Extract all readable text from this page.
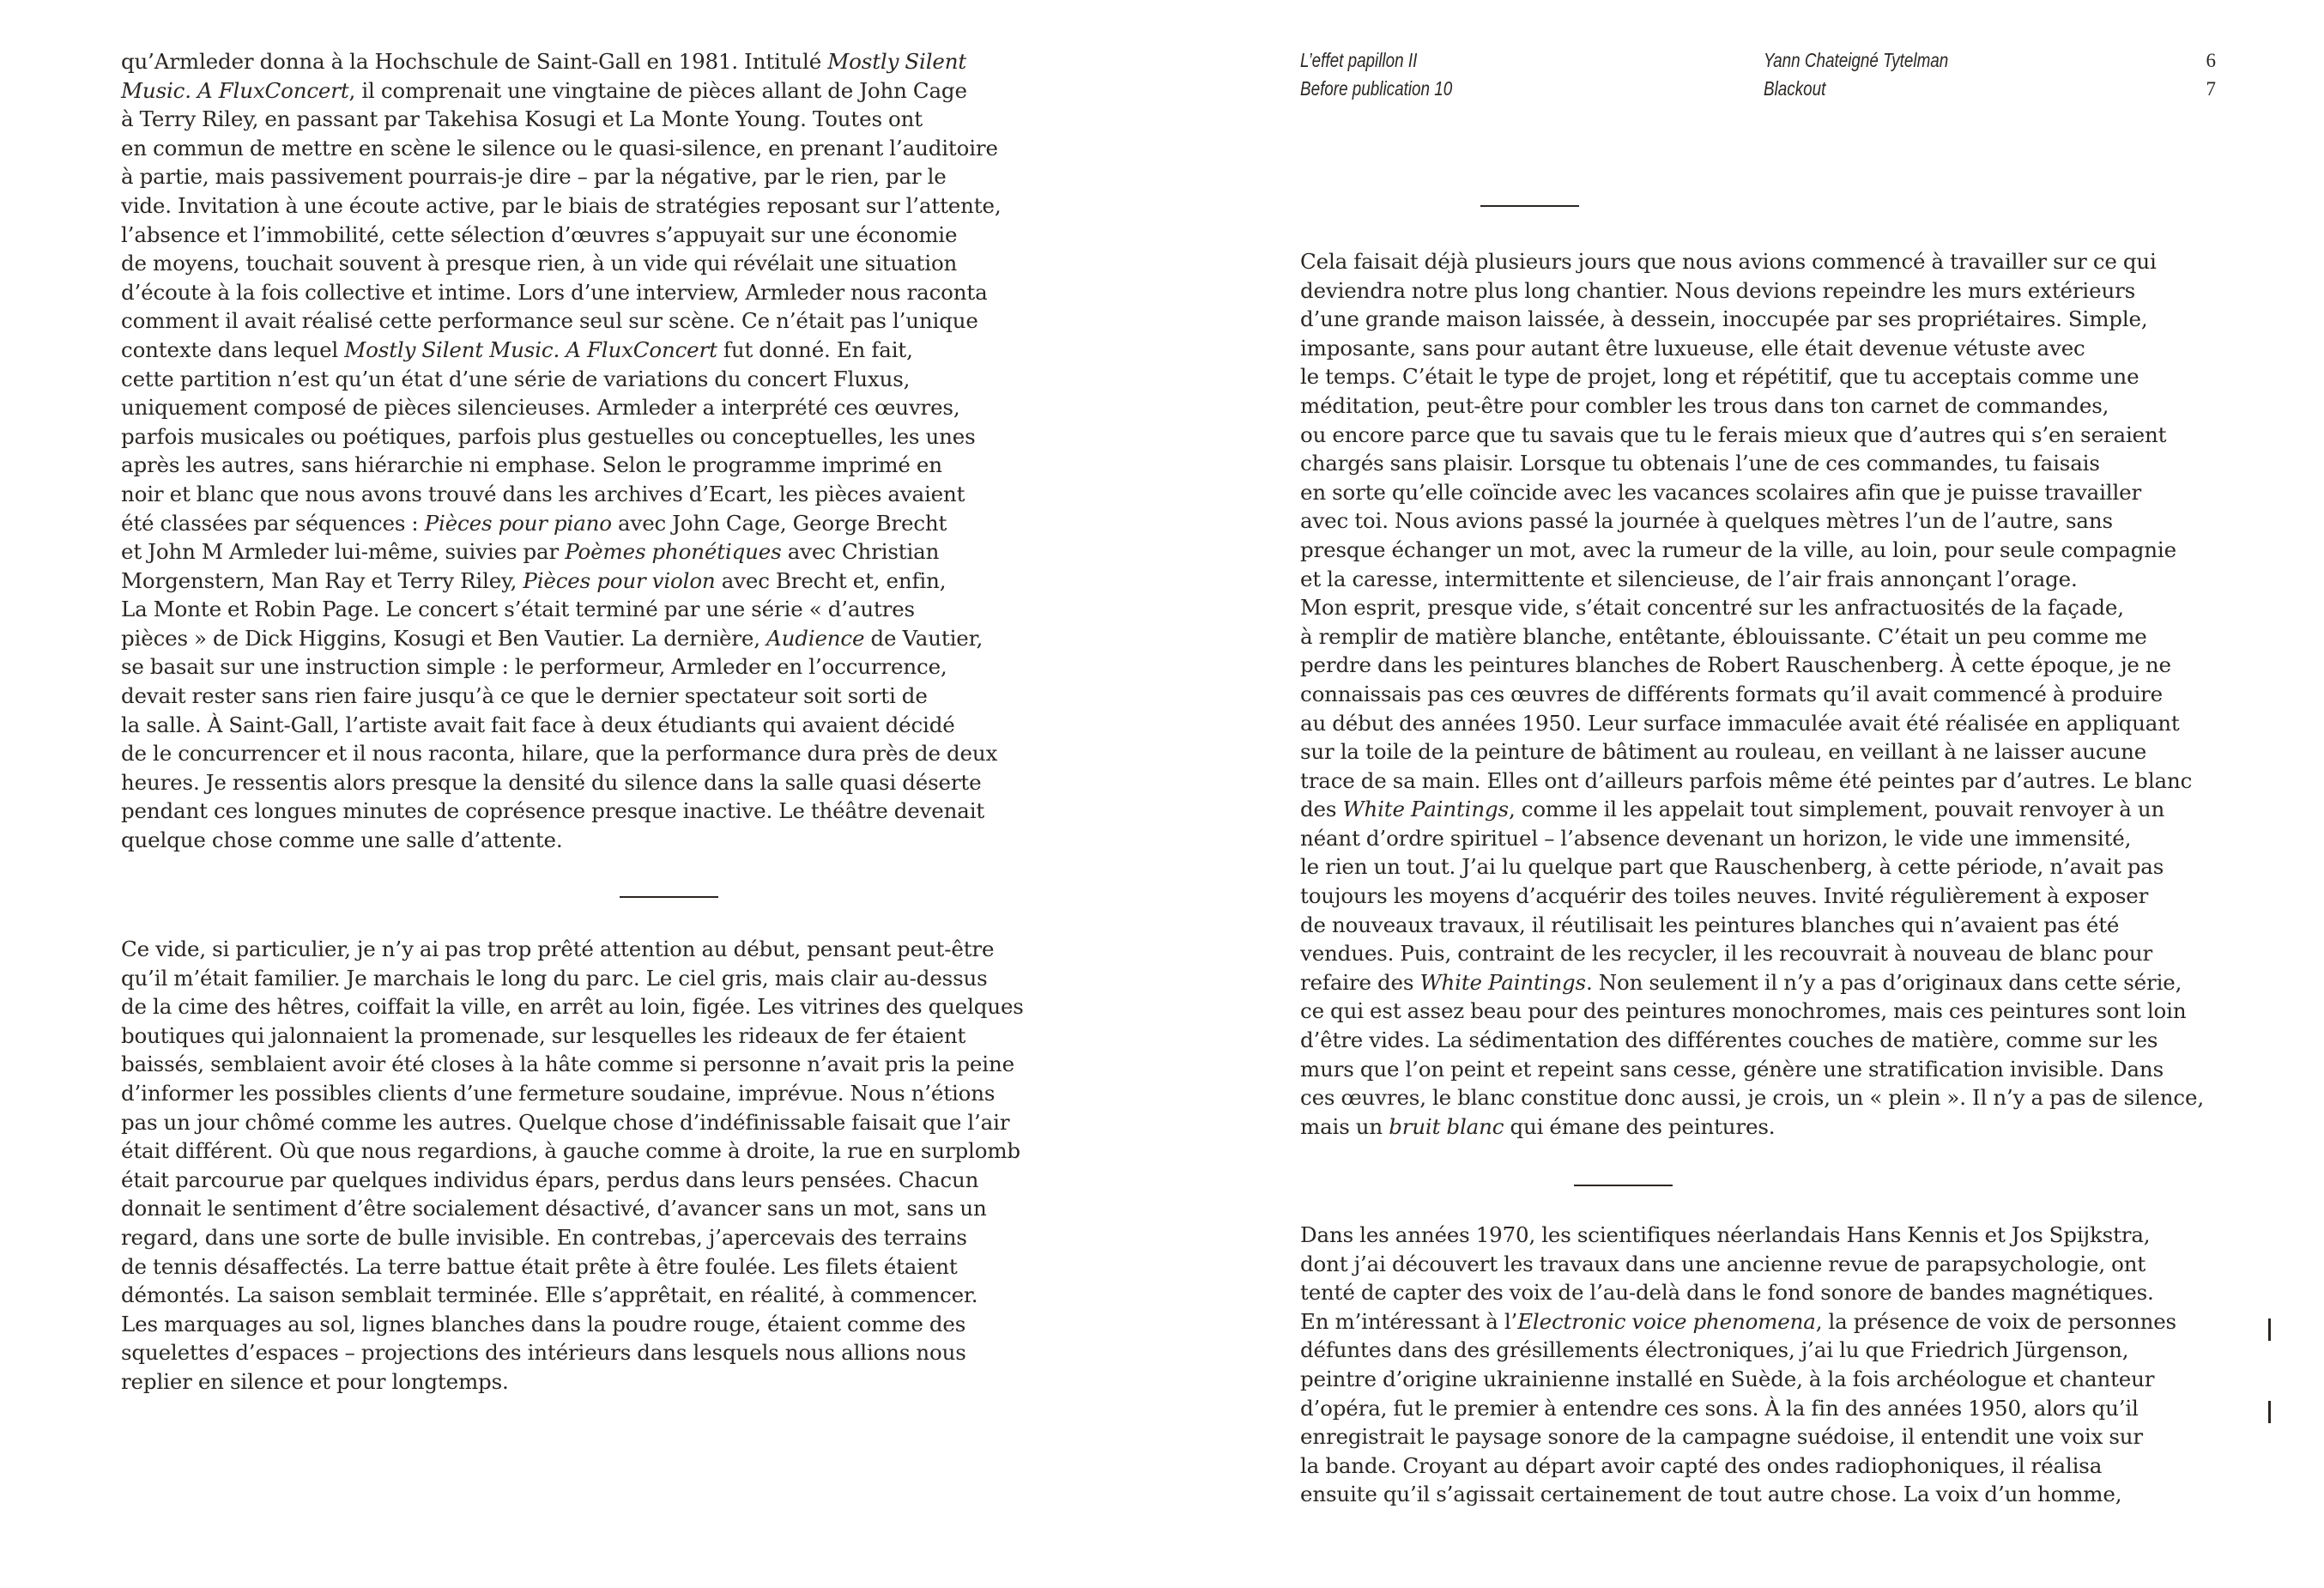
qu’Armleder donna à la Hochschule de Saint-Gall en 1981. Intitulé Mostly Silent
Music. A FluxConcert, il comprenait une vingtaine de pièces allant de John Cage
à Terry Riley, en passant par Takehisa Kosugi et La Monte Young. Toutes ont
en commun de mettre en scène le silence ou le quasi-silence, en prenant l’auditoire
à partie, mais passivement pourrais-je dire – par la négative, par le rien, par le
vide. Invitation à une écoute active, par le biais de stratégies reposant sur l’attente,
l’absence et l’immobilité, cette sélection d’œuvres s’appuyait sur une économie
de moyens, touchait souvent à presque rien, à un vide qui révélait une situation
d’écoute à la fois collective et intime. Lors d’une interview, Armleder nous raconta
comment il avait réalisé cette performance seul sur scène. Ce n’était pas l’unique
contexte dans lequel Mostly Silent Music. A FluxConcert fut donné. En fait,
cette partition n’est qu’un état d’une série de variations du concert Fluxus,
uniquement composé de pièces silencieuses. Armleder a interprété ces œuvres,
parfois musicales ou poétiques, parfois plus gestuelles ou conceptuelles, les unes
après les autres, sans hiérarchie ni emphase. Selon le programme imprimé en
noir et blanc que nous avons trouvé dans les archives d’Ecart, les pièces avaient
été classées par séquences : Pièces pour piano avec John Cage, George Brecht
et John M Armleder lui-même, suivies par Poèmes phonétiques avec Christian
Morgenstern, Man Ray et Terry Riley, Pièces pour violon avec Brecht et, enfin,
La Monte et Robin Page. Le concert s’était terminé par une série « d’autres
pièces » de Dick Higgins, Kosugi et Ben Vautier. La dernière, Audience de Vautier,
se basait sur une instruction simple : le performeur, Armleder en l’occurrence,
devait rester sans rien faire jusqu’à ce que le dernier spectateur soit sorti de
la salle. À Saint-Gall, l’artiste avait fait face à deux étudiants qui avaient décidé
de le concurrencer et il nous raconta, hilare, que la performance dura près de deux
heures. Je ressentis alors presque la densité du silence dans la salle quasi déserte
pendant ces longues minutes de coprésence presque inactive. Le théâtre devenait
quelque chose comme une salle d’attente.
Ce vide, si particulier, je n’y ai pas trop prêté attention au début, pensant peut-être
qu’il m’était familier. Je marchais le long du parc. Le ciel gris, mais clair au-dessus
de la cime des hêtres, coiffait la ville, en arrêt au loin, figée. Les vitrines des quelques
boutiques qui jalonnaient la promenade, sur lesquelles les rideaux de fer étaient
baissés, semblaient avoir été closes à la hâte comme si personne n’avait pris la peine
d’informer les possibles clients d’une fermeture soudaine, imprévue. Nous n’étions
pas un jour chômé comme les autres. Quelque chose d’indéfinissable faisait que l’air
était différent. Où que nous regardions, à gauche comme à droite, la rue en surplomb
était parcourue par quelques individus épars, perdus dans leurs pensées. Chacun
donnait le sentiment d’être socialement désactivé, d’avancer sans un mot, sans un
regard, dans une sorte de bulle invisible. En contrebas, j’apercevais des terrains
de tennis désaffectés. La terre battue était prête à être foulée. Les filets étaient
démontés. La saison semblait terminée. Elle s’apprêtait, en réalité, à commencer.
Les marquages au sol, lignes blanches dans la poudre rouge, étaient comme des
squelettes d’espaces – projections des intérieurs dans lesquels nous allions nous
replier en silence et pour longtemps.
L’effet papillon II
Before publication 10
Yann Chateigné Tytelman
Blackout
6
7
Cela faisait déjà plusieurs jours que nous avions commencé à travailler sur ce qui
deviendra notre plus long chantier. Nous devions repeindre les murs extérieurs
d’une grande maison laissée, à dessein, inoccupée par ses propriétaires. Simple,
imposante, sans pour autant être luxueuse, elle était devenue vétuste avec
le temps. C’était le type de projet, long et répétitif, que tu acceptais comme une
méditation, peut-être pour combler les trous dans ton carnet de commandes,
ou encore parce que tu savais que tu le ferais mieux que d’autres qui s’en seraient
chargés sans plaisir. Lorsque tu obtenais l’une de ces commandes, tu faisais
en sorte qu’elle coïncide avec les vacances scolaires afin que je puisse travailler
avec toi. Nous avions passé la journée à quelques mètres l’un de l’autre, sans
presque échanger un mot, avec la rumeur de la ville, au loin, pour seule compagnie
et la caresse, intermittente et silencieuse, de l’air frais annonçant l’orage.
Mon esprit, presque vide, s’était concentré sur les anfractuosités de la façade,
à remplir de matière blanche, entêtante, éblouissante. C’était un peu comme me
perdre dans les peintures blanches de Robert Rauschenberg. À cette époque, je ne
connaissais pas ces œuvres de différents formats qu’il avait commencé à produire
au début des années 1950. Leur surface immaculée avait été réalisée en appliquant
sur la toile de la peinture de bâtiment au rouleau, en veillant à ne laisser aucune
trace de sa main. Elles ont d’ailleurs parfois même été peintes par d’autres. Le blanc
des White Paintings, comme il les appelait tout simplement, pouvait renvoyer à un
néant d’ordre spirituel – l’absence devenant un horizon, le vide une immensité,
le rien un tout. J’ai lu quelque part que Rauschenberg, à cette période, n’avait pas
toujours les moyens d’acquérir des toiles neuves. Invité régulièrement à exposer
de nouveaux travaux, il réutilisait les peintures blanches qui n’avaient pas été
vendues. Puis, contraint de les recycler, il les recouvrait à nouveau de blanc pour
refaire des White Paintings. Non seulement il n’y a pas d’originaux dans cette série,
ce qui est assez beau pour des peintures monochromes, mais ces peintures sont loin
d’être vides. La sédimentation des différentes couches de matière, comme sur les
murs que l’on peint et repeint sans cesse, génère une stratification invisible. Dans
ces œuvres, le blanc constitue donc aussi, je crois, un « plein ». Il n’y a pas de silence,
mais un bruit blanc qui émane des peintures.
Dans les années 1970, les scientifiques néerlandais Hans Kennis et Jos Spijkstra,
dont j’ai découvert les travaux dans une ancienne revue de parapsychologie, ont
tenté de capter des voix de l’au-delà dans le fond sonore de bandes magnétiques.
En m’intéressant à l’Electronic voice phenomena, la présence de voix de personnes
défuntes dans des grésillements électroniques, j’ai lu que Friedrich Jürgenson,
peintre d’origine ukrainienne installé en Suède, à la fois archéologue et chanteur
d’opéra, fut le premier à entendre ces sons. À la fin des années 1950, alors qu’il
enregistrait le paysage sonore de la campagne suédoise, il entendit une voix sur
la bande. Croyant au départ avoir capté des ondes radiophoniques, il réalisa
ensuite qu’il s’agissait certainement de tout autre chose. La voix d’un homme,
